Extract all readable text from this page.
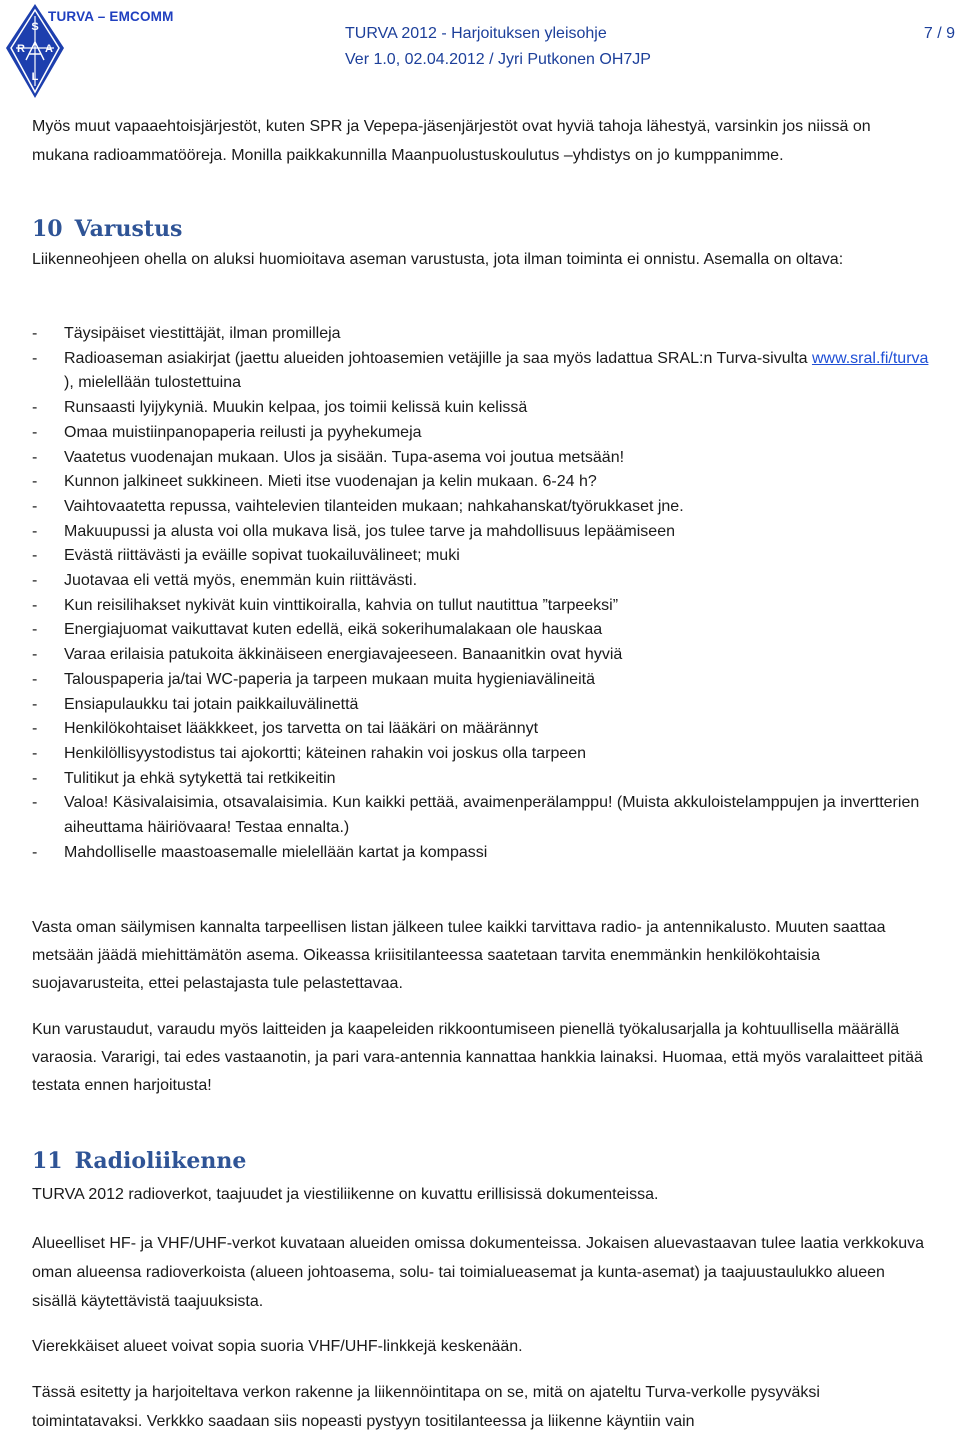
S
R A
L
TURVA – EMCOMM
TURVA 2012 - Harjoituksen yleisohje
Ver 1.0, 02.04.2012 / Jyri Putkonen OH7JP
7 / 9
Myös muut vapaaehtoisjärjestöt, kuten SPR ja Vepepa-jäsenjärjestöt ovat hyviä tahoja lähestyä, varsinkin jos niissä on mukana radioammatööreja. Monilla paikkakunnilla Maanpuolustuskoulutus –yhdistys on jo kumppanimme.
10 Varustus
Liikenneohjeen ohella on aluksi huomioitava aseman varustusta, jota ilman toiminta ei onnistu. Asemalla on oltava:
- Täysipäiset viestittäjät, ilman promilleja
- Radioaseman asiakirjat (jaettu alueiden johtoasemien vetäjille ja saa myös ladattua SRAL:n Turva-sivulta www.sral.fi/turva ), mielellään tulostettuina
- Runsaasti lyijykyniä. Muukin kelpaa, jos toimii kelissä kuin kelissä
- Omaa muistiinpanopaperia reilusti ja pyyhekumeja
- Vaatetus vuodenajan mukaan. Ulos ja sisään. Tupa-asema voi joutua metsään!
- Kunnon jalkineet sukkineen. Mieti itse vuodenajan ja kelin mukaan. 6-24 h?
- Vaihtovaatetta repussa, vaihtelevien tilanteiden mukaan; nahkahanskat/työrukkaset jne.
- Makuupussi ja alusta voi olla mukava lisä, jos tulee tarve ja mahdollisuus lepäämiseen
- Evästä riittävästi ja eväille sopivat tuokailuvälineet; muki
- Juotavaa eli vettä myös, enemmän kuin riittävästi.
- Kun reisilihakset nykivät kuin vinttikoiralla, kahvia on tullut nautittua ”tarpeeksi”
- Energiajuomat vaikuttavat kuten edellä, eikä sokerihumalakaan ole hauskaa
- Varaa erilaisia patukoita äkkinäiseen energiavajeeseen. Banaanitkin ovat hyviä
- Talouspaperia ja/tai WC-paperia ja tarpeen mukaan muita hygieniavälineitä
- Ensiapulaukku tai jotain paikkailuvälinettä
- Henkilökohtaiset lääkkkeet, jos tarvetta on tai lääkäri on määrännyt
- Henkilöllisyystodistus tai ajokortti; käteinen rahakin voi joskus olla tarpeen
- Tulitikut ja ehkä sytykettä tai retkikeitin
- Valoa! Käsivalaisimia, otsavalaisimia. Kun kaikki pettää, avaimenperälamppu! (Muista akkuloistelamppujen ja invertterien aiheuttama häiriövaara! Testaa ennalta.)
- Mahdolliselle maastoasemalle mielellään kartat ja kompassi
Vasta oman säilymisen kannalta tarpeellisen listan jälkeen tulee kaikki tarvittava radio- ja antennikalusto. Muuten saattaa metsään jäädä miehittämätön asema. Oikeassa kriisitilanteessa saatetaan tarvita enemmänkin henkilökohtaisia suojavarusteita, ettei pelastajasta tule pelastettavaa.
Kun varustaudut, varaudu myös laitteiden ja kaapeleiden rikkoontumiseen pienellä työkalusarjalla ja kohtuullisella määrällä varaosia. Vararigi, tai edes vastaanotin, ja pari vara-antennia kannattaa hankkia lainaksi. Huomaa, että myös varalaitteet pitää testata ennen harjoitusta!
11 Radioliikenne
TURVA 2012 radioverkot, taajuudet ja viestiliikenne on kuvattu erillisissä dokumenteissa.
Alueelliset HF- ja VHF/UHF-verkot kuvataan alueiden omissa dokumenteissa. Jokaisen aluevastaavan tulee laatia verkkokuva oman alueensa radioverkoista (alueen johtoasema, solu- tai toimialueasemat ja kunta-asemat) ja taajuustaulukko alueen sisällä käytettävistä taajuuksista.
Vierekkäiset alueet voivat sopia suoria VHF/UHF-linkkejä keskenään.
Tässä esitetty ja harjoiteltava verkon rakenne ja liikennöintitapa on se, mitä on ajateltu Turva-verkolle pysyväksi toimintatavaksi. Verkkko saadaan siis nopeasti pystyyn tositilanteessa ja liikenne käyntiin vain
